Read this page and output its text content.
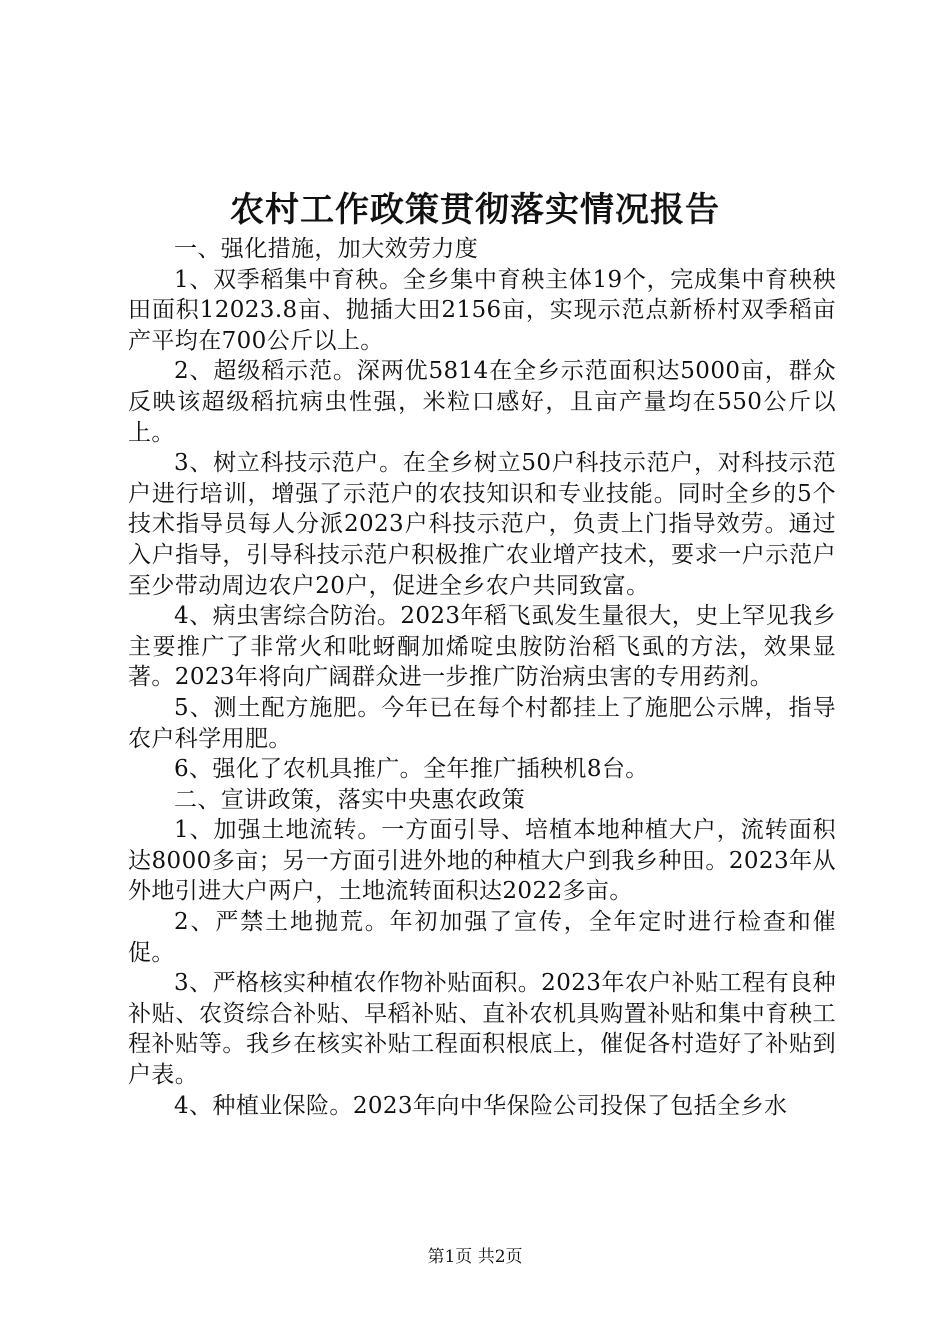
农村工作政策贯彻落实情况报告

一、强化措施，加大效劳力度

1、双季稻集中育秧。全乡集中育秧主体19个，完成集中育秧秧田面积12023.8亩、抛插大田2156亩，实现示范点新桥村双季稻亩产平均在700公斤以上。

2、超级稻示范。深两优5814在全乡示范面积达5000亩，群众反映该超级稻抗病虫性强，米粒口感好，且亩产量均在550公斤以上。

3、树立科技示范户。在全乡树立50户科技示范户，对科技示范户进行培训，增强了示范户的农技知识和专业技能。同时全乡的5个技术指导员每人分派2023户科技示范户，负责上门指导效劳。通过入户指导，引导科技示范户积极推广农业增产技术，要求一户示范户至少带动周边农户20户，促进全乡农户共同致富。

4、病虫害综合防治。2023年稻飞虱发生量很大，史上罕见我乡主要推广了非常火和吡蚜酮加烯啶虫胺防治稻飞虱的方法，效果显著。2023年将向广阔群众进一步推广防治病虫害的专用药剂。

5、测土配方施肥。今年已在每个村都挂上了施肥公示牌，指导农户科学用肥。

6、强化了农机具推广。全年推广插秧机8台。

二、宣讲政策，落实中央惠农政策

1、加强土地流转。一方面引导、培植本地种植大户，流转面积达8000多亩；另一方面引进外地的种植大户到我乡种田。2023年从外地引进大户两户，土地流转面积达2022多亩。

2、严禁土地抛荒。年初加强了宣传，全年定时进行检查和催促。

3、严格核实种植农作物补贴面积。2023年农户补贴工程有良种补贴、农资综合补贴、早稻补贴、直补农机具购置补贴和集中育秧工程补贴等。我乡在核实补贴工程面积根底上，催促各村造好了补贴到户表。

4、种植业保险。2023年向中华保险公司投保了包括全乡水

第1页 共2页
